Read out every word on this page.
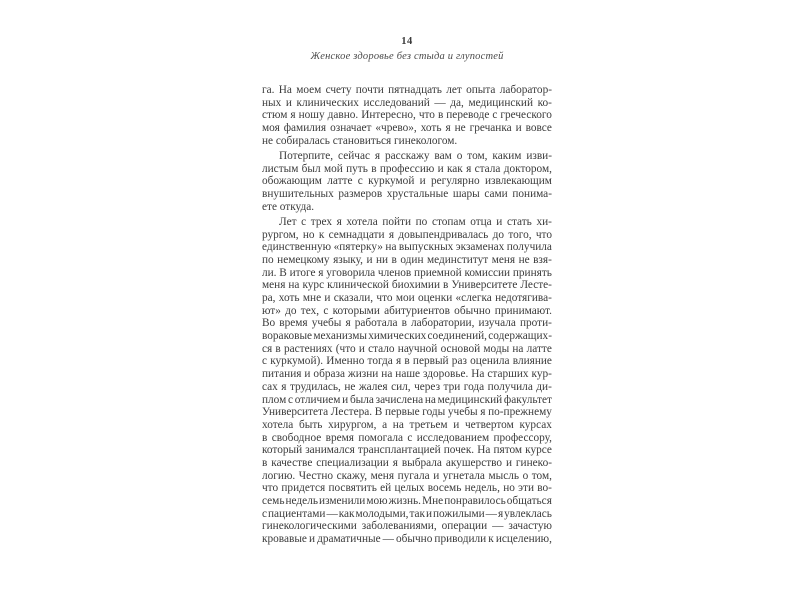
14
Женское здоровье без стыда и глупостей
га. На моем счету почти пятнадцать лет опыта лаборатор-
ных и клинических исследований — да, медицинский ко-
стюм я ношу давно. Интересно, что в переводе с греческого
моя фамилия означает «чрево», хоть я не гречанка и вовсе
не собиралась становиться гинекологом.
Потерпите, сейчас я расскажу вам о том, каким изви-
листым был мой путь в профессию и как я стала доктором,
обожающим латте с куркумой и регулярно извлекающим
внушительных размеров хрустальные шары сами понима-
ете откуда.
Лет с трех я хотела пойти по стопам отца и стать хи-
рургом, но к семнадцати я довыпендривалась до того, что
единственную «пятерку» на выпускных экзаменах получила
по немецкому языку, и ни в один мединститут меня не взя-
ли. В итоге я уговорила членов приемной комиссии принять
меня на курс клинической биохимии в Университете Лесте-
ра, хоть мне и сказали, что мои оценки «слегка недотягива-
ют» до тех, с которыми абитуриентов обычно принимают.
Во время учебы я работала в лаборатории, изучала проти-
вораковые механизмы химических соединений, содержащих-
ся в растениях (что и стало научной основой моды на латте
с куркумой). Именно тогда я в первый раз оценила влияние
питания и образа жизни на наше здоровье. На старших кур-
сах я трудилась, не жалея сил, через три года получила ди-
плом с отличием и была зачислена на медицинский факультет
Университета Лестера. В первые годы учебы я по-прежнему
хотела быть хирургом, а на третьем и четвертом курсах
в свободное время помогала с исследованием профессору,
который занимался трансплантацией почек. На пятом курсе
в качестве специализации я выбрала акушерство и гинеко-
логию. Честно скажу, меня пугала и угнетала мысль о том,
что придется посвятить ей целых восемь недель, но эти во-
семь недель изменили мою жизнь. Мне понравилось общаться
с пациентами — как молодыми, так и пожилыми — я увлеклась
гинекологическими заболеваниями, операции — зачастую
кровавые и драматичные — обычно приводили к исцелению,
